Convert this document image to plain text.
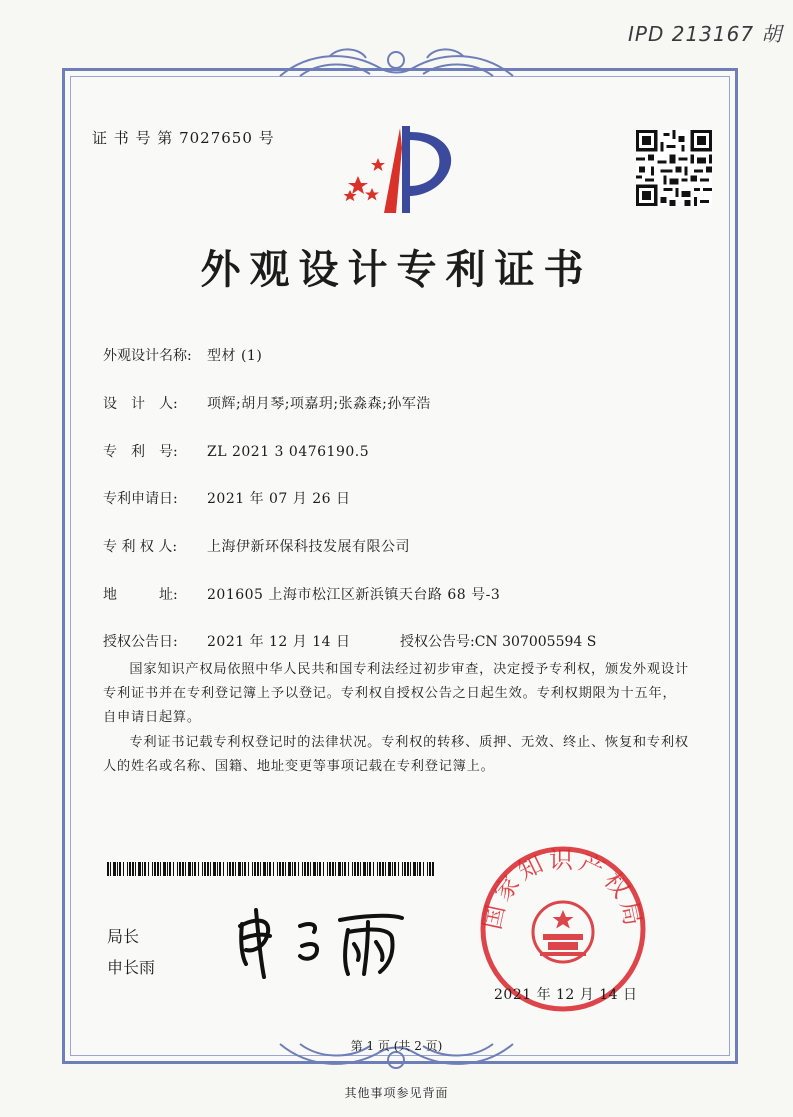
IPD 213167 胡
证 书 号 第 7027650 号
外观设计专利证书
外观设计名称: 型材 (1)
设　计　人: 项辉;胡月琴;项嘉玥;张淼森;孙军浩
专　利　号: ZL 2021 3 0476190.5
专利申请日: 2021 年 07 月 26 日
专 利 权 人: 上海伊新环保科技发展有限公司
地　　　址: 201605 上海市松江区新浜镇天台路 68 号-3
授权公告日: 2021 年 12 月 14 日	授权公告号:CN 307005594 S
国家知识产权局依照中华人民共和国专利法经过初步审查，决定授予专利权，颁发外观设计专利证书并在专利登记簿上予以登记。专利权自授权公告之日起生效。专利权期限为十五年，自申请日起算。
专利证书记载专利权登记时的法律状况。专利权的转移、质押、无效、终止、恢复和专利权人的姓名或名称、国籍、地址变更等事项记载在专利登记簿上。
局长
申长雨
国家知识产权局
2021 年 12 月 14 日
第 1 页 (共 2 页)
其他事项参见背面
